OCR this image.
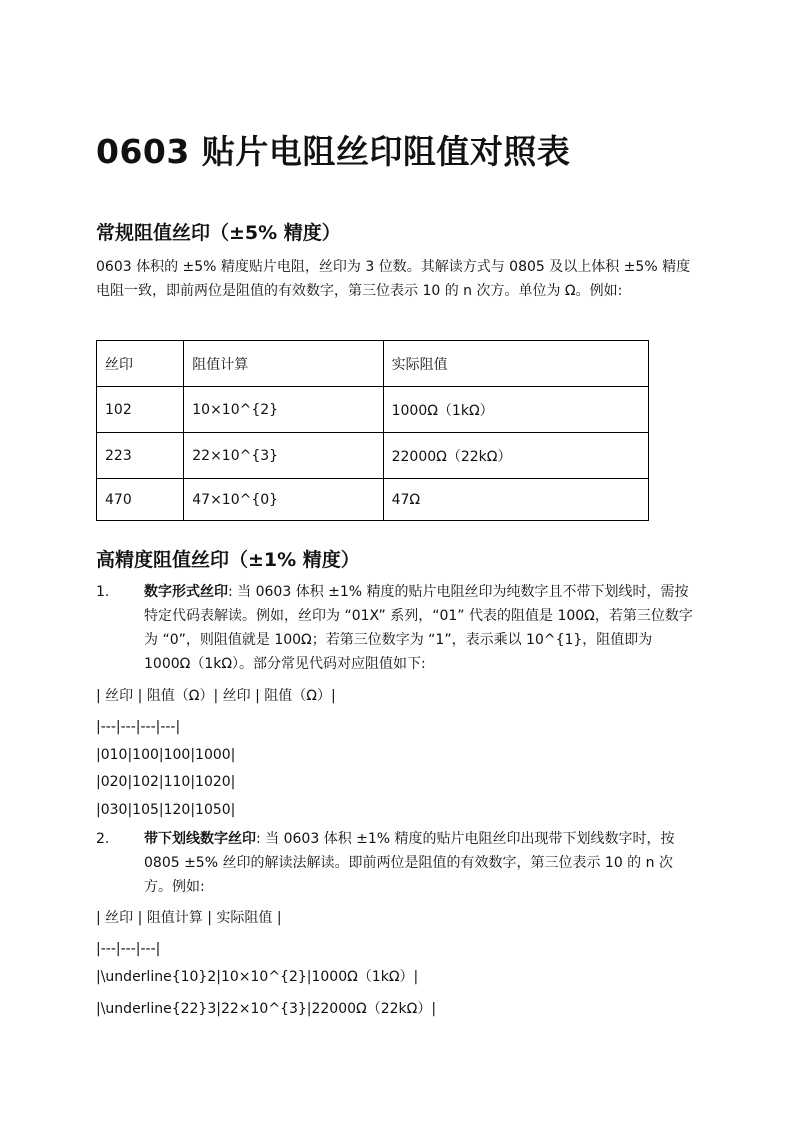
0603 贴片电阻丝印阻值对照表
常规阻值丝印（±5% 精度）

0603 体积的 ±5% 精度贴片电阻，丝印为 3 位数。其解读方式与 0805 及以上体积 ±5% 精度电阻一致，即前两位是阻值的有效数字，第三位表示 10 的 n 次方。单位为 Ω。例如:

丝印	阻值计算	实际阻值
102	10×10^{2}	1000Ω（1kΩ）
223	22×10^{3}	22000Ω（22kΩ）
470	47×10^{0}	47Ω
高精度阻值丝印（±1% 精度）
1. 数字形式丝印: 当 0603 体积 ±1% 精度的贴片电阻丝印为纯数字且不带下划线时，需按特定代码表解读。例如，丝印为 “01X” 系列，“01” 代表的阻值是 100Ω，若第三位数字为 “0”，则阻值就是 100Ω；若第三位数字为 “1”，表示乘以 10^{1}，阻值即为 1000Ω（1kΩ）。部分常见代码对应阻值如下:
| 丝印 | 阻值（Ω）| 丝印 | 阻值（Ω）|
|---|---|---|---|
|010|100|100|1000|
|020|102|110|1020|
|030|105|120|1050|
2. 带下划线数字丝印: 当 0603 体积 ±1% 精度的贴片电阻丝印出现带下划线数字时，按 0805 ±5% 丝印的解读法解读。即前两位是阻值的有效数字，第三位表示 10 的 n 次方。例如:
| 丝印 | 阻值计算 | 实际阻值 |
|---|---|---|
|\underline{10}2|10×10^{2}|1000Ω（1kΩ）|
|\underline{22}3|22×10^{3}|22000Ω（22kΩ）|
